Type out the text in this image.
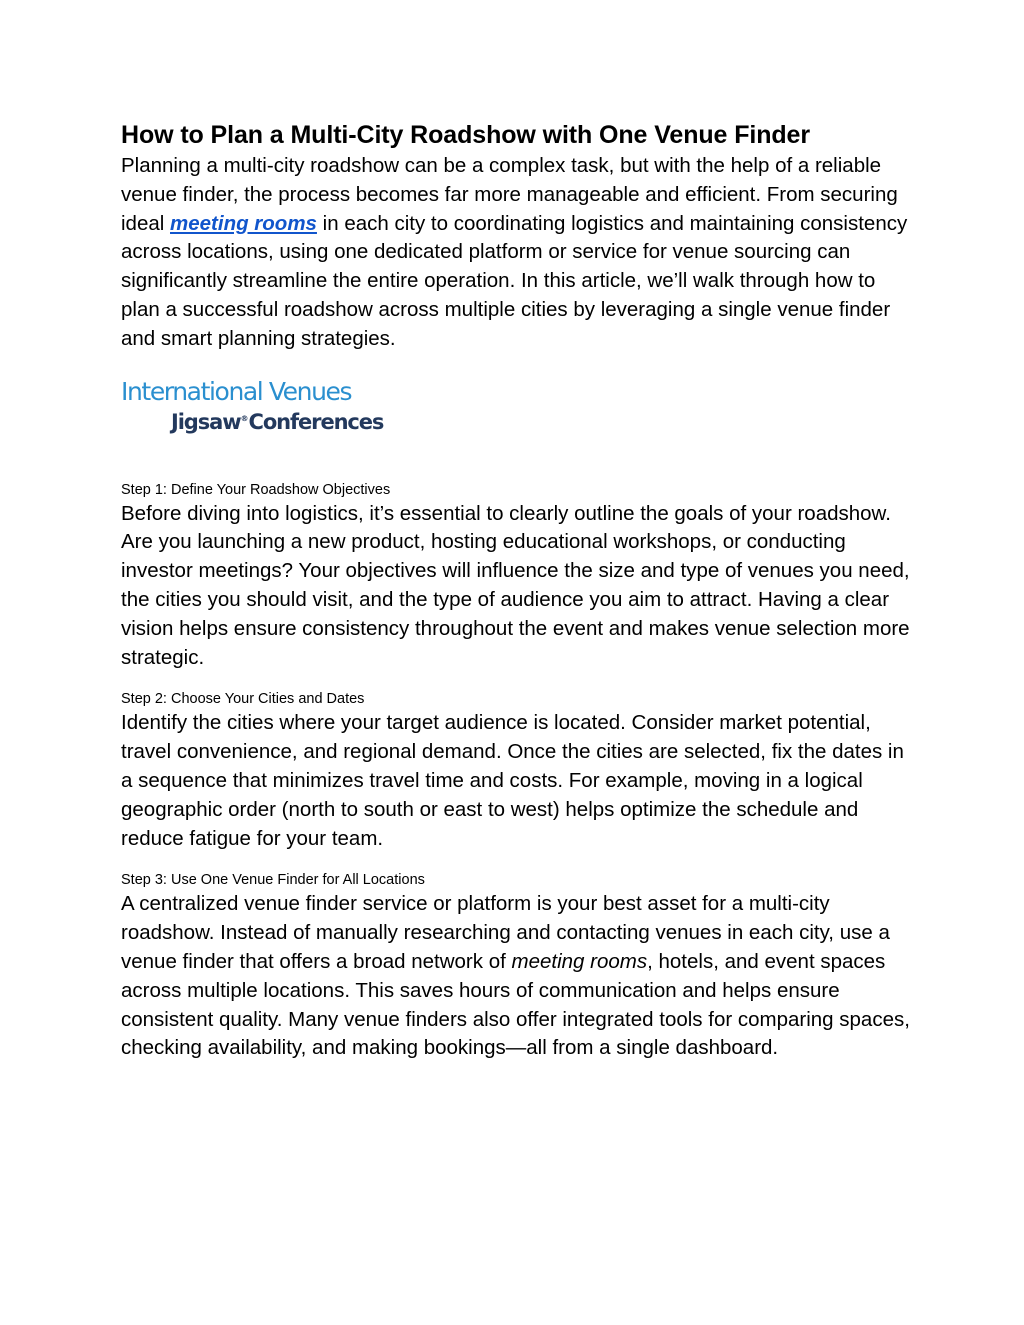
How to Plan a Multi-City Roadshow with One Venue Finder

Planning a multi-city roadshow can be a complex task, but with the help of a reliable venue finder, the process becomes far more manageable and efficient. From securing ideal meeting rooms in each city to coordinating logistics and maintaining consistency across locations, using one dedicated platform or service for venue sourcing can significantly streamline the entire operation. In this article, we’ll walk through how to plan a successful roadshow across multiple cities by leveraging a single venue finder and smart planning strategies.

International Venues
Jigsaw®Conferences
Step 1: Define Your Roadshow Objectives

Before diving into logistics, it’s essential to clearly outline the goals of your roadshow. Are you launching a new product, hosting educational workshops, or conducting investor meetings? Your objectives will influence the size and type of venues you need, the cities you should visit, and the type of audience you aim to attract. Having a clear vision helps ensure consistency throughout the event and makes venue selection more strategic.

Step 2: Choose Your Cities and Dates

Identify the cities where your target audience is located. Consider market potential, travel convenience, and regional demand. Once the cities are selected, fix the dates in a sequence that minimizes travel time and costs. For example, moving in a logical geographic order (north to south or east to west) helps optimize the schedule and reduce fatigue for your team.

Step 3: Use One Venue Finder for All Locations

A centralized venue finder service or platform is your best asset for a multi-city roadshow. Instead of manually researching and contacting venues in each city, use a venue finder that offers a broad network of meeting rooms, hotels, and event spaces across multiple locations. This saves hours of communication and helps ensure consistent quality. Many venue finders also offer integrated tools for comparing spaces, checking availability, and making bookings—all from a single dashboard.
